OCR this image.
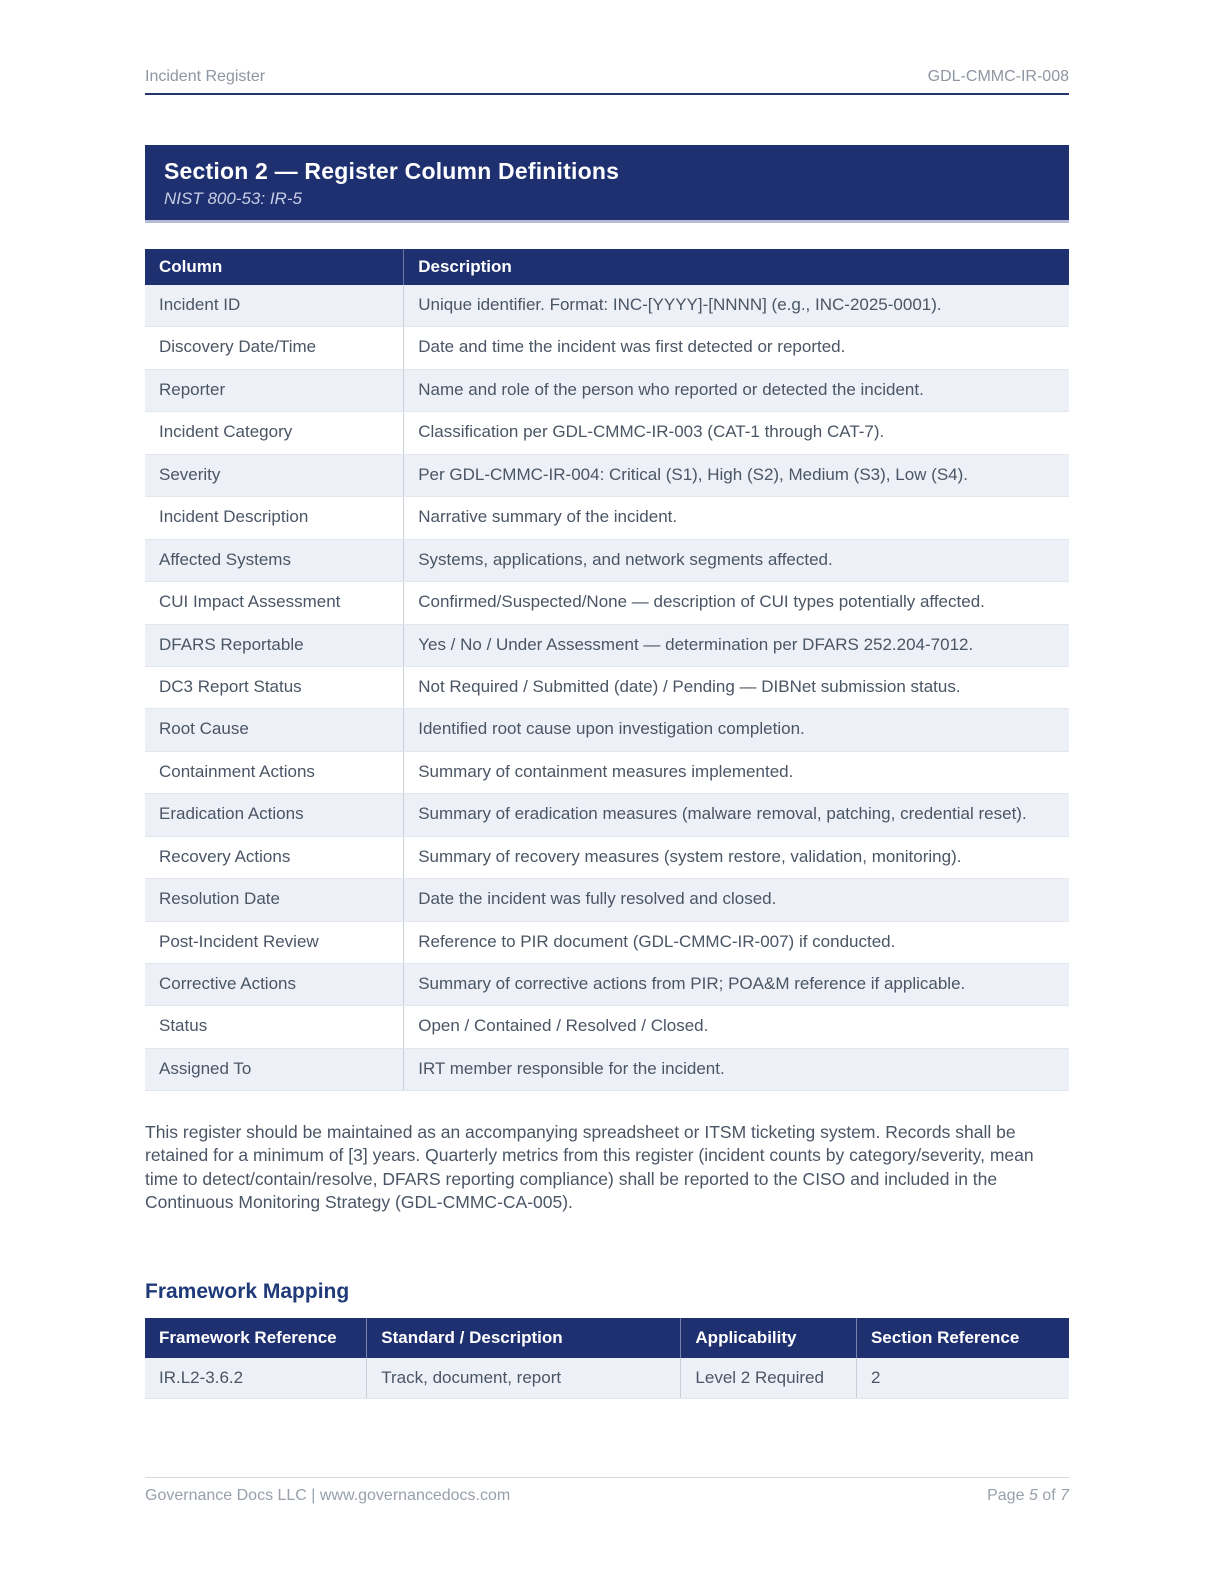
Incident Register	GDL-CMMC-IR-008
Section 2 — Register Column Definitions
NIST 800-53: IR-5
Column	Description
Incident ID	Unique identifier. Format: INC-[YYYY]-[NNNN] (e.g., INC-2025-0001).
Discovery Date/Time	Date and time the incident was first detected or reported.
Reporter	Name and role of the person who reported or detected the incident.
Incident Category	Classification per GDL-CMMC-IR-003 (CAT-1 through CAT-7).
Severity	Per GDL-CMMC-IR-004: Critical (S1), High (S2), Medium (S3), Low (S4).
Incident Description	Narrative summary of the incident.
Affected Systems	Systems, applications, and network segments affected.
CUI Impact Assessment	Confirmed/Suspected/None — description of CUI types potentially affected.
DFARS Reportable	Yes / No / Under Assessment — determination per DFARS 252.204-7012.
DC3 Report Status	Not Required / Submitted (date) / Pending — DIBNet submission status.
Root Cause	Identified root cause upon investigation completion.
Containment Actions	Summary of containment measures implemented.
Eradication Actions	Summary of eradication measures (malware removal, patching, credential reset).
Recovery Actions	Summary of recovery measures (system restore, validation, monitoring).
Resolution Date	Date the incident was fully resolved and closed.
Post-Incident Review	Reference to PIR document (GDL-CMMC-IR-007) if conducted.
Corrective Actions	Summary of corrective actions from PIR; POA&M reference if applicable.
Status	Open / Contained / Resolved / Closed.
Assigned To	IRT member responsible for the incident.

This register should be maintained as an accompanying spreadsheet or ITSM ticketing system. Records shall be retained for a minimum of [3] years. Quarterly metrics from this register (incident counts by category/severity, mean time to detect/contain/resolve, DFARS reporting compliance) shall be reported to the CISO and included in the Continuous Monitoring Strategy (GDL-CMMC-CA-005).

Framework Mapping
Framework Reference	Standard / Description	Applicability	Section Reference
IR.L2-3.6.2	Track, document, report	Level 2 Required	2
Governance Docs LLC | www.governancedocs.com	Page 5 of 7
